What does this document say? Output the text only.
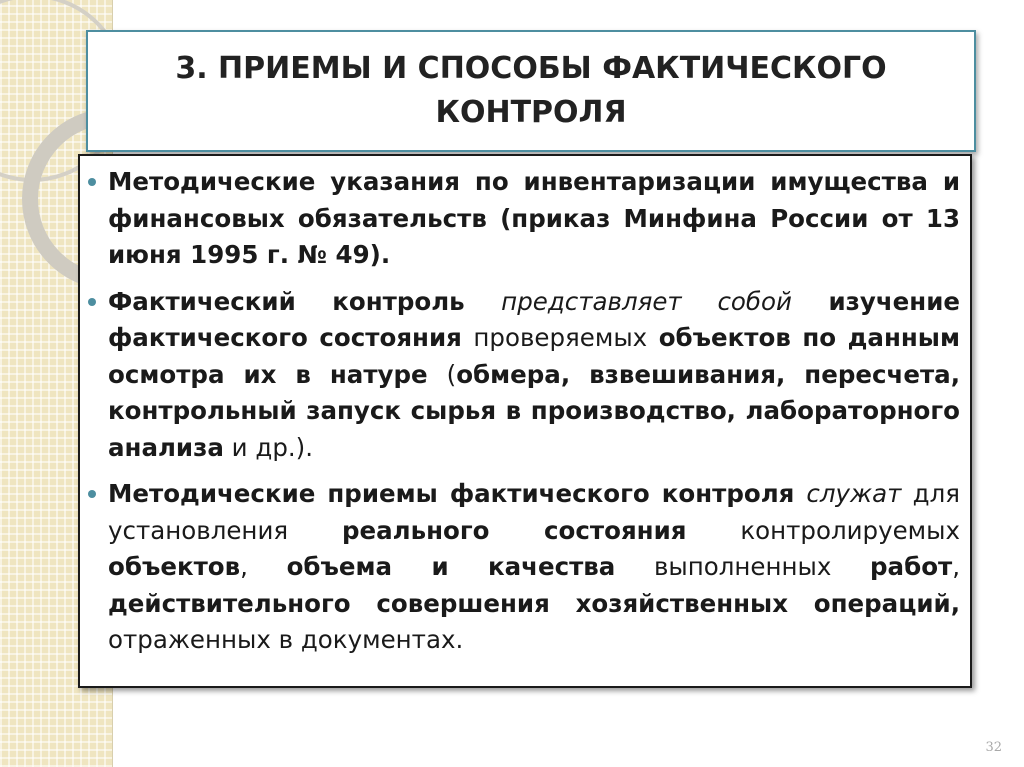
3. ПРИЕМЫ И СПОСОБЫ ФАКТИЧЕСКОГО
КОНТРОЛЯ
Методические указания по инвентаризации имущества и финансовых обязательств (приказ Минфина России от 13 июня 1995 г. № 49).
Фактический контроль представляет собой изучение фактического состояния проверяемых объектов по данным осмотра их в натуре (обмера, взвешивания, пересчета, контрольный запуск сырья в производство, лабораторного анализа и др.).
Методические приемы фактического контроля служат для установления реального состояния контролируемых объектов, объема и качества выполненных работ, действительного совершения хозяйственных операций, отраженных в документах.
32
